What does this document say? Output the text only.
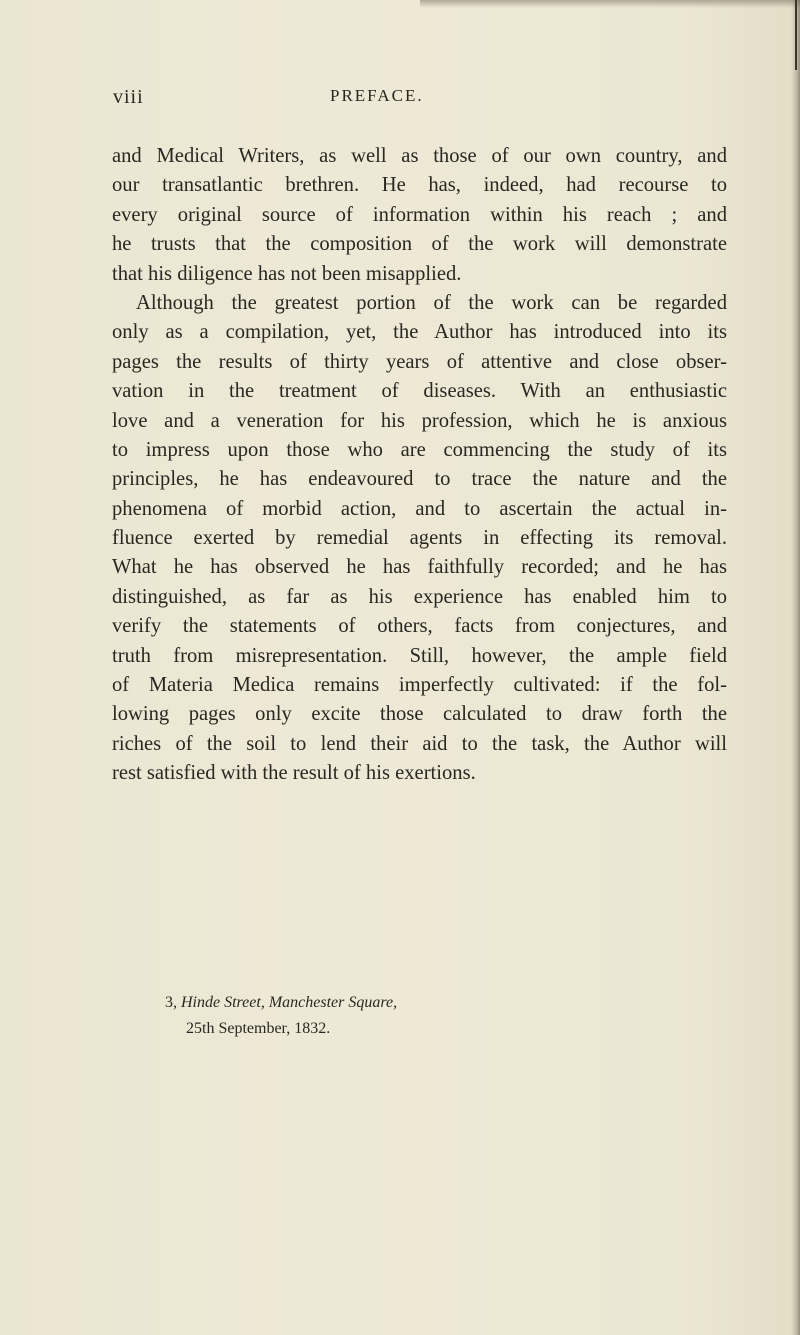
viii	PREFACE.
and Medical Writers, as well as those of our own country, and
our transatlantic brethren. He has, indeed, had recourse to
every original source of information within his reach ; and
he trusts that the composition of the work will demonstrate
that his diligence has not been misapplied.
Although the greatest portion of the work can be regarded
only as a compilation, yet, the Author has introduced into its
pages the results of thirty years of attentive and close obser-
vation in the treatment of diseases. With an enthusiastic
love and a veneration for his profession, which he is anxious
to impress upon those who are commencing the study of its
principles, he has endeavoured to trace the nature and the
phenomena of morbid action, and to ascertain the actual in-
fluence exerted by remedial agents in effecting its removal.
What he has observed he has faithfully recorded; and he has
distinguished, as far as his experience has enabled him to
verify the statements of others, facts from conjectures, and
truth from misrepresentation. Still, however, the ample field
of Materia Medica remains imperfectly cultivated: if the fol-
lowing pages only excite those calculated to draw forth the
riches of the soil to lend their aid to the task, the Author will
rest satisfied with the result of his exertions.
3, Hinde Street, Manchester Square,
25th September, 1832.
